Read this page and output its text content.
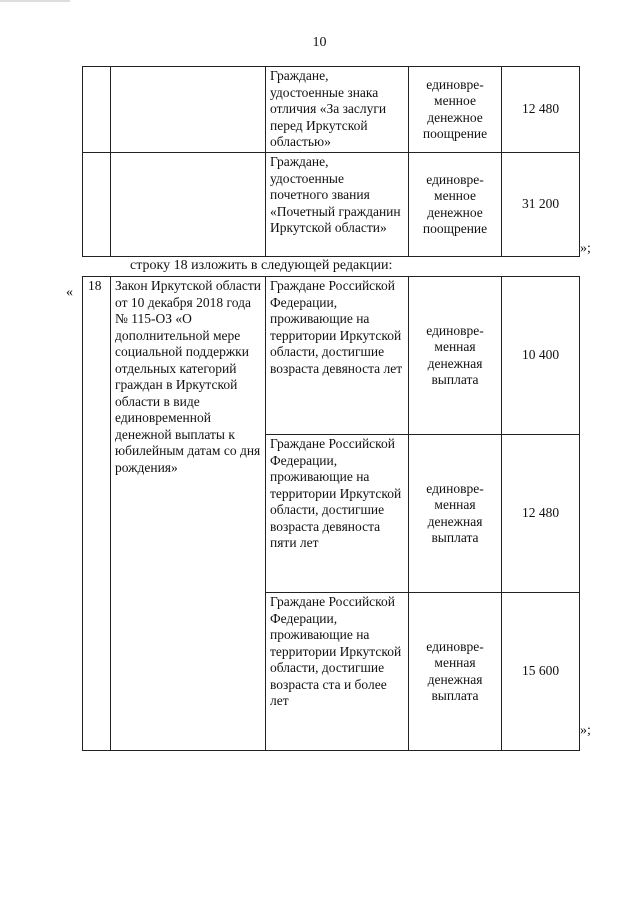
10
		Граждане, удостоенные знака отличия «За заслуги перед Иркутской областью»	единовре-менное денежное поощрение	12 480
		Граждане, удостоенные почетного звания «Почетный гражданин Иркутской области»	единовре-менное денежное поощрение	31 200
»;
строку 18 изложить в следующей редакции:
« 18	Закон Иркутской области от 10 декабря 2018 года № 115-ОЗ «О дополнительной мере социальной поддержки отдельных категорий граждан в Иркутской области в виде единовременной денежной выплаты к юбилейным датам со дня рождения»	Граждане Российской Федерации, проживающие на территории Иркутской области, достигшие возраста девяноста лет	единовре-менная денежная выплата	10 400
		Граждане Российской Федерации, проживающие на территории Иркутской области, достигшие возраста девяноста пяти лет	единовре-менная денежная выплата	12 480
		Граждане Российской Федерации, проживающие на территории Иркутской области, достигшие возраста ста и более лет	единовре-менная денежная выплата	15 600
»;
